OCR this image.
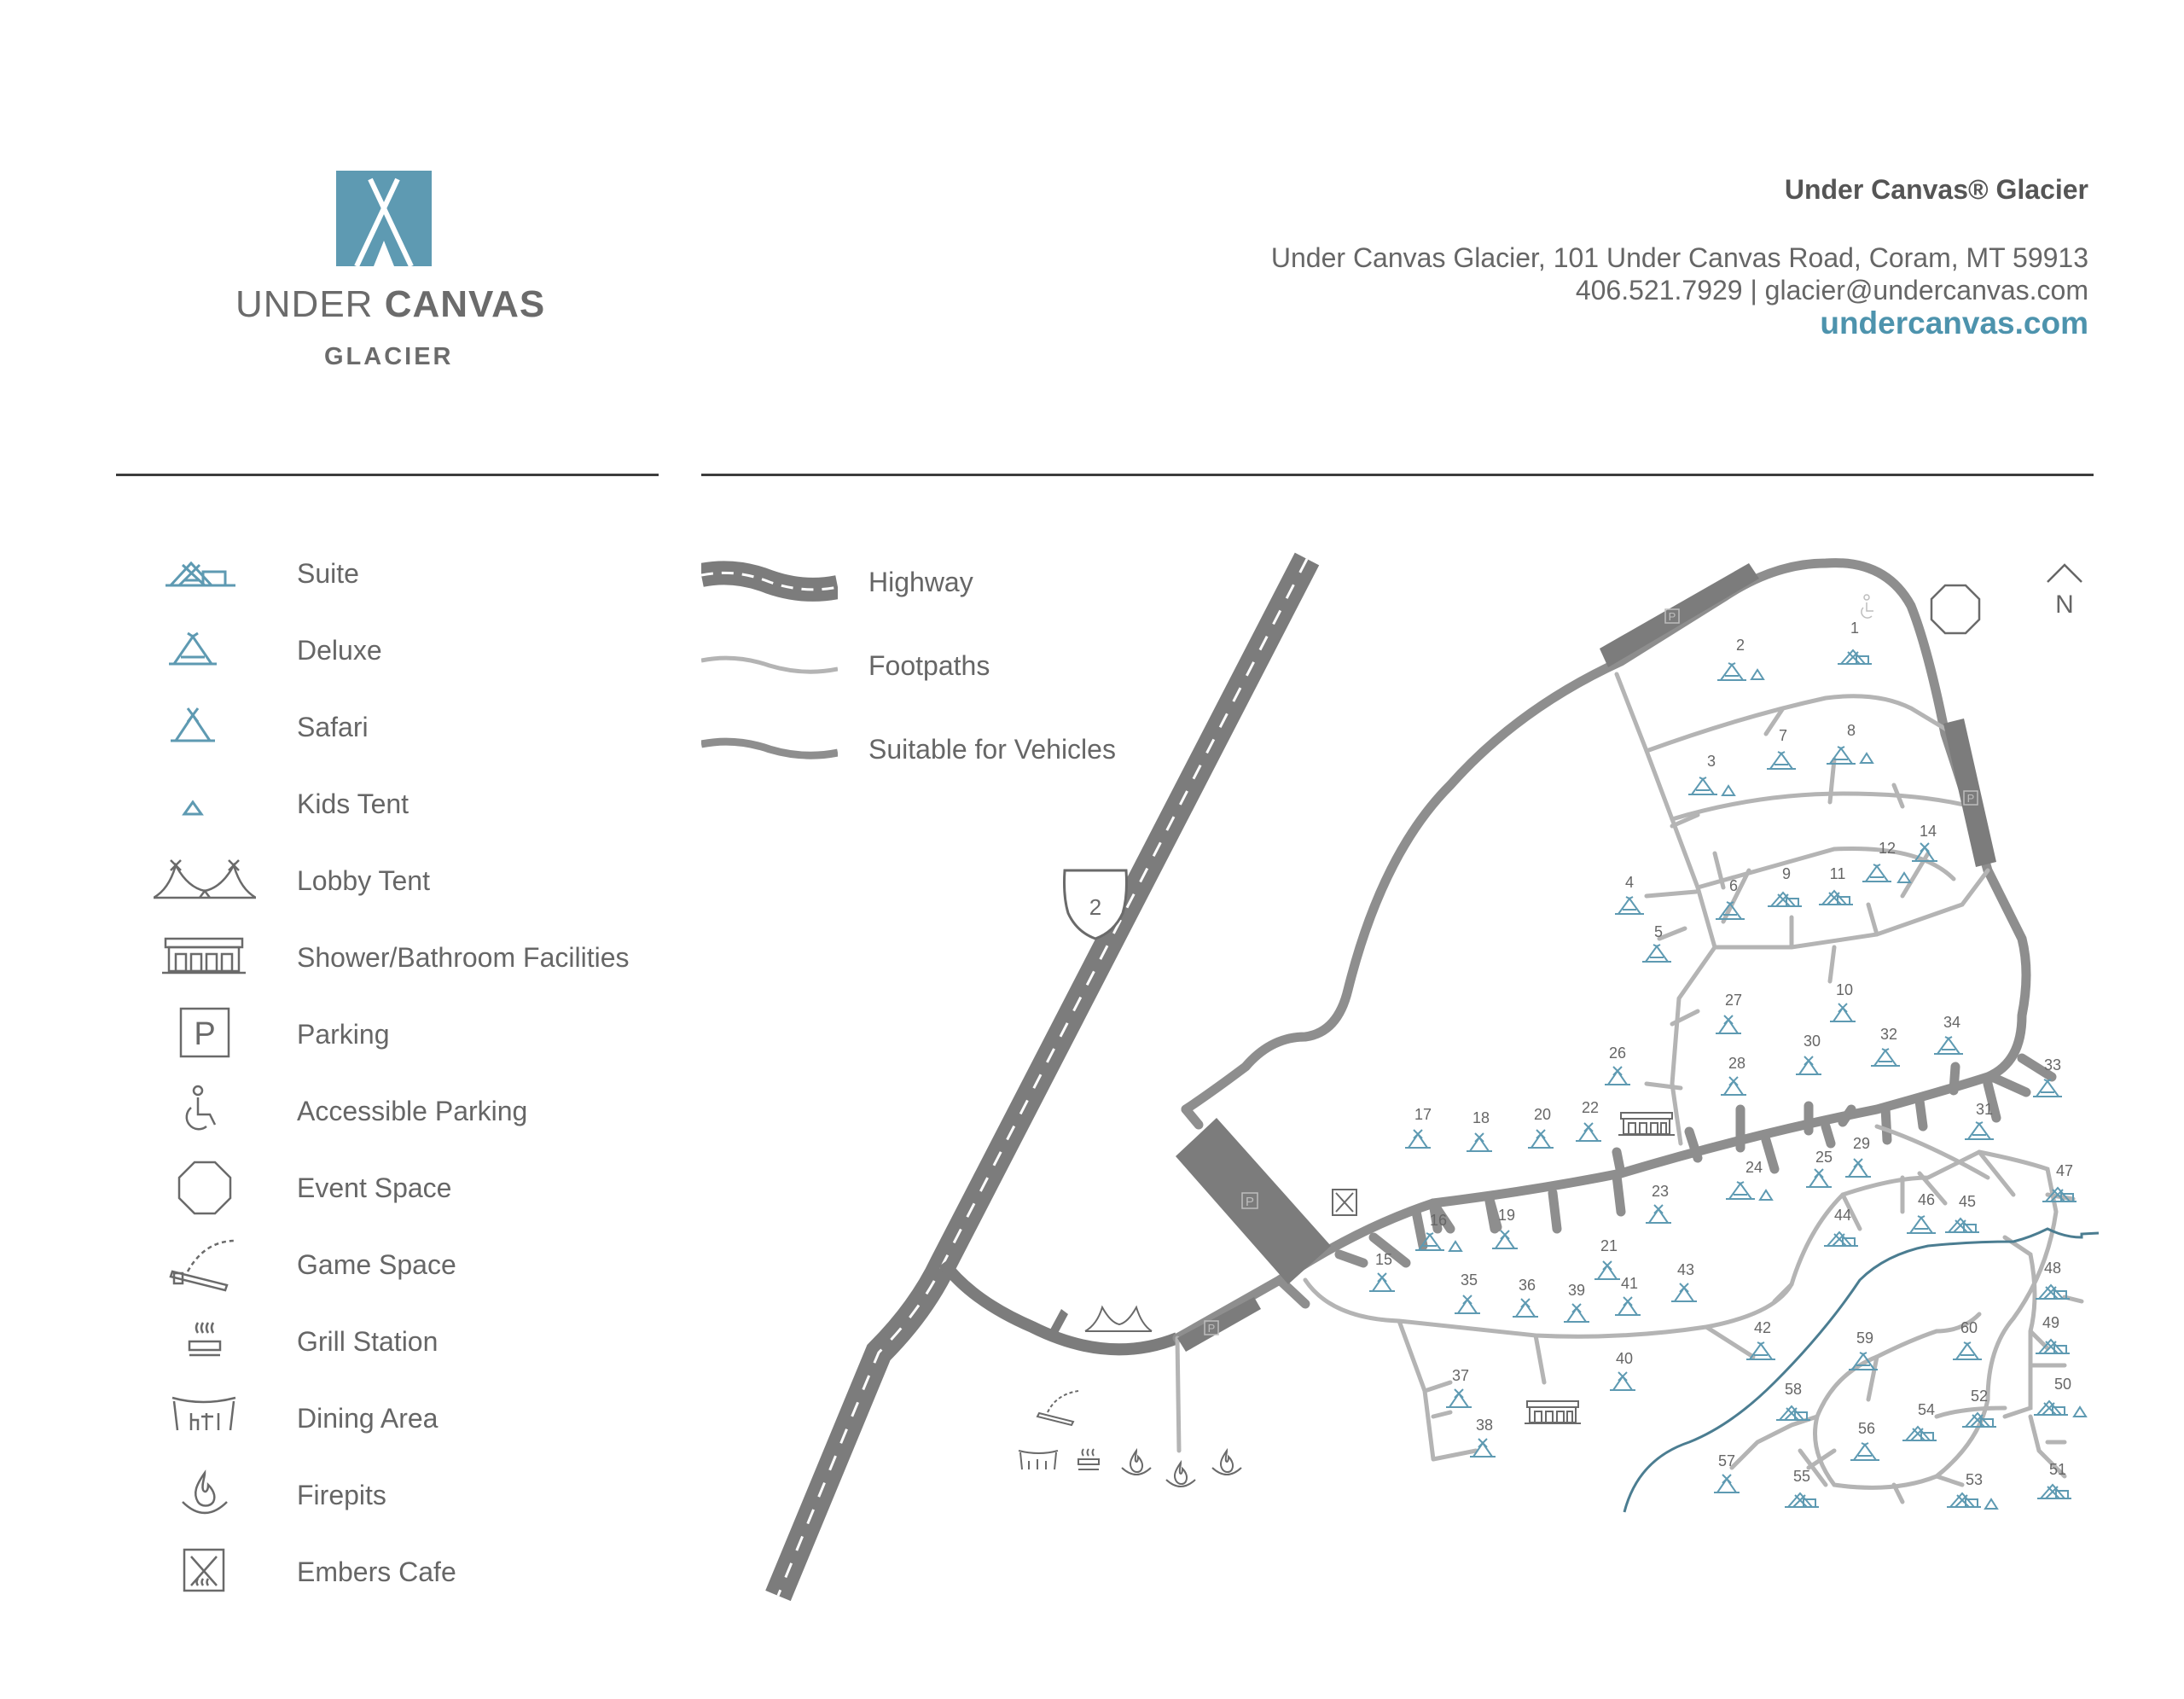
UNDER CANVAS
GLACIER
Under Canvas® Glacier
Under Canvas Glacier, 101 Under Canvas Road, Coram, MT 59913
406.521.7929 | glacier@undercanvas.com
undercanvas.com
Suite
Deluxe
Safari
Kids Tent
Lobby Tent
Shower/Bathroom Facilities
P	Parking
Accessible Parking
Event Space
Game Space
Grill Station
Dining Area
Firepits
Embers Cafe
Highway
Footpaths
Suitable for Vehicles
2
P
P
P
P
N
1
2
3
4
5
6
7	8
9
10
11
12
14
17	18	20 22
16	19
15
26
27
28
30	32
34
33
31
29
25
24
23
21
44
46 45
47
48
49
50
51
35	36 39 41
43
40
42
59
60
37
38
58
54
52
56
57
55	53
